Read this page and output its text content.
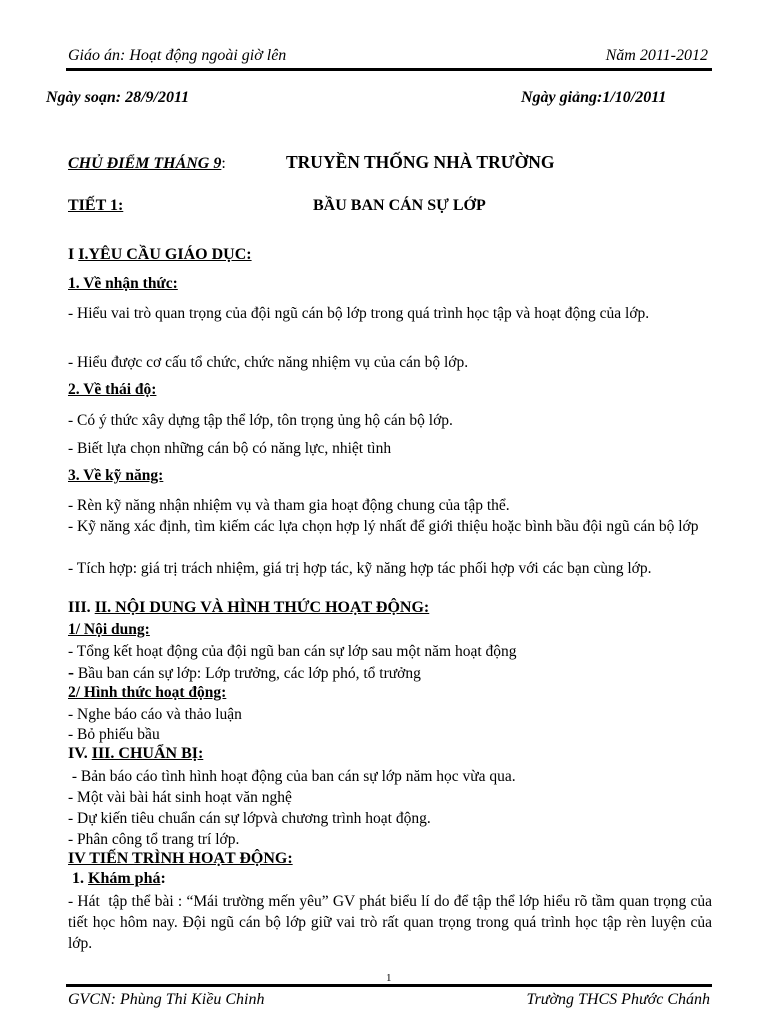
Giáo án: Hoạt động ngoài giờ lên	Năm 2011-2012
Ngày soạn: 28/9/2011	Ngày giảng:1/10/2011
CHỦ ĐIỂM THÁNG 9:	TRUYỀN THỐNG NHÀ TRƯỜNG
TIẾT 1:	BẦU BAN CÁN SỰ LỚP
I I.YÊU CẦU GIÁO DỤC:
1. Về nhận thức:

- Hiểu vai trò quan trọng của đội ngũ cán bộ lớp trong quá trình học tập và hoạt động của lớp.

- Hiểu được cơ cấu tổ chức, chức năng nhiệm vụ của cán bộ lớp.

2. Về thái độ:

- Có ý thức xây dựng tập thể lớp, tôn trọng ủng hộ cán bộ lớp.

- Biết lựa chọn những cán bộ có năng lực, nhiệt tình

3. Về kỹ năng:

- Rèn kỹ năng nhận nhiệm vụ và tham gia hoạt động chung của tập thể.

- Kỹ năng xác định, tìm kiếm các lựa chọn hợp lý nhất để giới thiệu hoặc bình bầu đội ngũ cán bộ lớp

- Tích hợp: giá trị trách nhiệm, giá trị hợp tác, kỹ năng hợp tác phối hợp với các bạn cùng lớp.

III. II. NỘI DUNG VÀ HÌNH THỨC HOẠT ĐỘNG:
1/ Nội dung:

- Tổng kết hoạt động của đội ngũ ban cán sự lớp sau một năm hoạt động

- Bầu ban cán sự lớp: Lớp trưởng, các lớp phó, tổ trưởng

2/ Hình thức hoạt động:

- Nghe báo cáo và thảo luận

- Bỏ phiếu bầu

IV. III. CHUẨN BỊ:

- Bản báo cáo tình hình hoạt động của ban cán sự lớp năm học vừa qua.

- Một vài bài hát sinh hoạt văn nghệ

- Dự kiến tiêu chuẩn cán sự lớpvà chương trình hoạt động.

- Phân công tổ trang trí lớp.

IV TIẾN TRÌNH HOẠT ĐỘNG:
1. Khám phá:

- Hát  tập thể bài : “Mái trường mến yêu” GV phát biểu lí do để tập thể lớp hiểu rõ tầm quan trọng của tiết học hôm nay. Đội ngũ cán bộ lớp giữ vai trò rất quan trọng trong quá trình học tập rèn luyện của lớp.

1
GVCN: Phùng Thi Kiều Chinh	Trường THCS Phước Chánh
